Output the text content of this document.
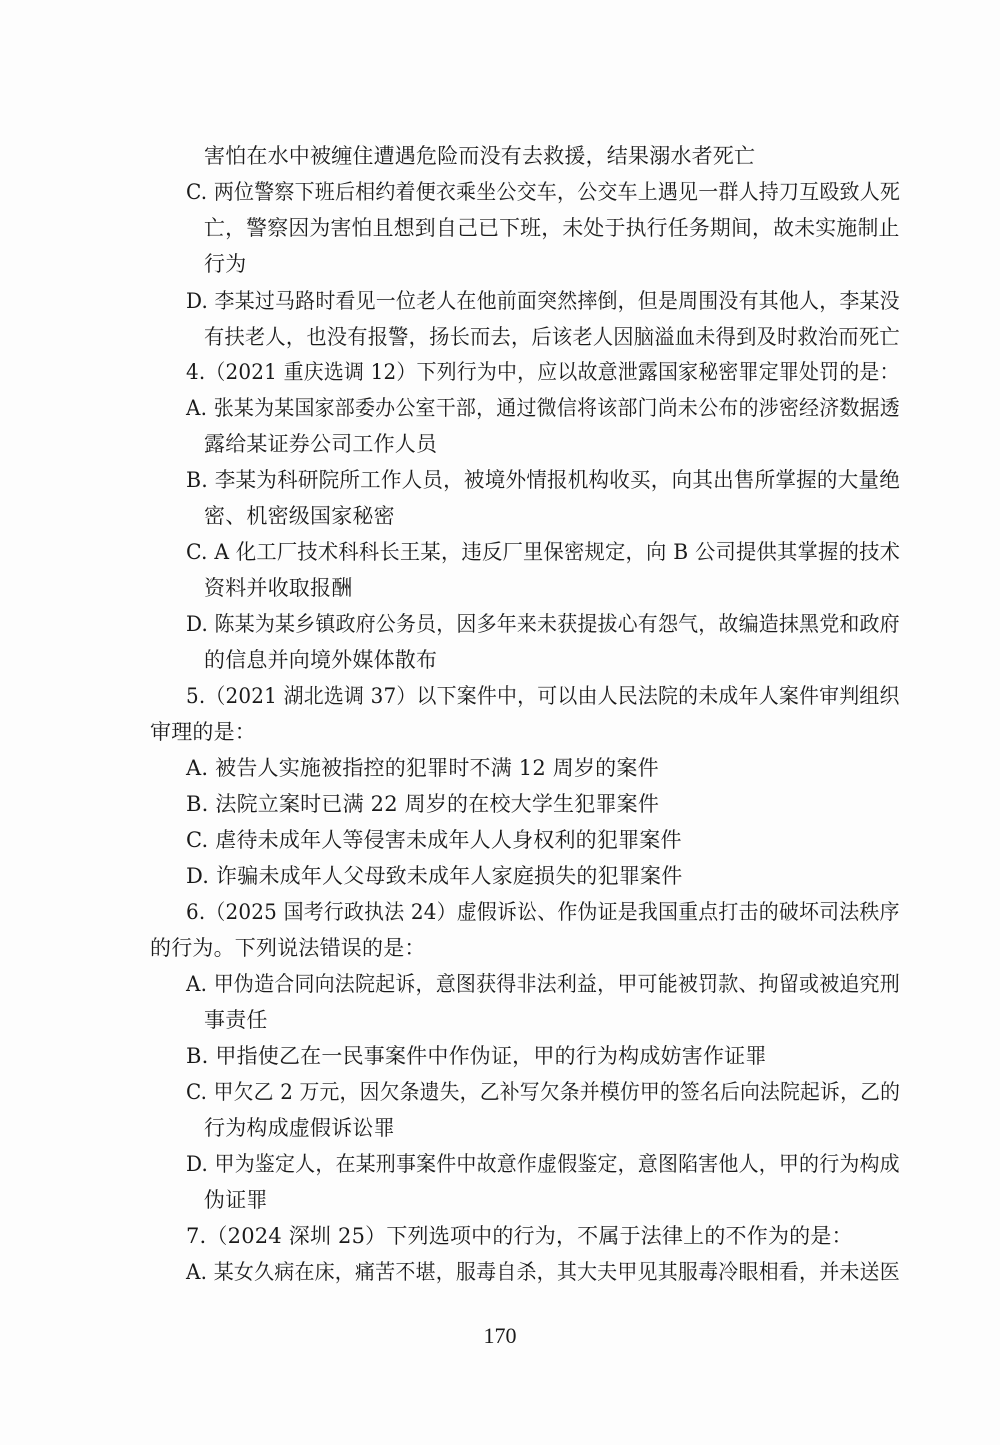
害怕在水中被缠住遭遇危险而没有去救援，结果溺水者死亡
C. 两位警察下班后相约着便衣乘坐公交车，公交车上遇见一群人持刀互殴致人死
亡，警察因为害怕且想到自己已下班，未处于执行任务期间，故未实施制止
行为
D. 李某过马路时看见一位老人在他前面突然摔倒，但是周围没有其他人，李某没
有扶老人，也没有报警，扬长而去，后该老人因脑溢血未得到及时救治而死亡
4.（2021 重庆选调 12）下列行为中，应以故意泄露国家秘密罪定罪处罚的是：
A. 张某为某国家部委办公室干部，通过微信将该部门尚未公布的涉密经济数据透
露给某证券公司工作人员
B. 李某为科研院所工作人员，被境外情报机构收买，向其出售所掌握的大量绝
密、机密级国家秘密
C. A 化工厂技术科科长王某，违反厂里保密规定，向 B 公司提供其掌握的技术
资料并收取报酬
D. 陈某为某乡镇政府公务员，因多年来未获提拔心有怨气，故编造抹黑党和政府
的信息并向境外媒体散布
5.（2021 湖北选调 37）以下案件中，可以由人民法院的未成年人案件审判组织
审理的是：
A. 被告人实施被指控的犯罪时不满 12 周岁的案件
B. 法院立案时已满 22 周岁的在校大学生犯罪案件
C. 虐待未成年人等侵害未成年人人身权利的犯罪案件
D. 诈骗未成年人父母致未成年人家庭损失的犯罪案件
6.（2025 国考行政执法 24）虚假诉讼、作伪证是我国重点打击的破坏司法秩序
的行为。下列说法错误的是：
A. 甲伪造合同向法院起诉，意图获得非法利益，甲可能被罚款、拘留或被追究刑
事责任
B. 甲指使乙在一民事案件中作伪证，甲的行为构成妨害作证罪
C. 甲欠乙 2 万元，因欠条遗失，乙补写欠条并模仿甲的签名后向法院起诉，乙的
行为构成虚假诉讼罪
D. 甲为鉴定人，在某刑事案件中故意作虚假鉴定，意图陷害他人，甲的行为构成
伪证罪
7.（2024 深圳 25）下列选项中的行为，不属于法律上的不作为的是：
A. 某女久病在床，痛苦不堪，服毒自杀，其大夫甲见其服毒冷眼相看，并未送医
170
